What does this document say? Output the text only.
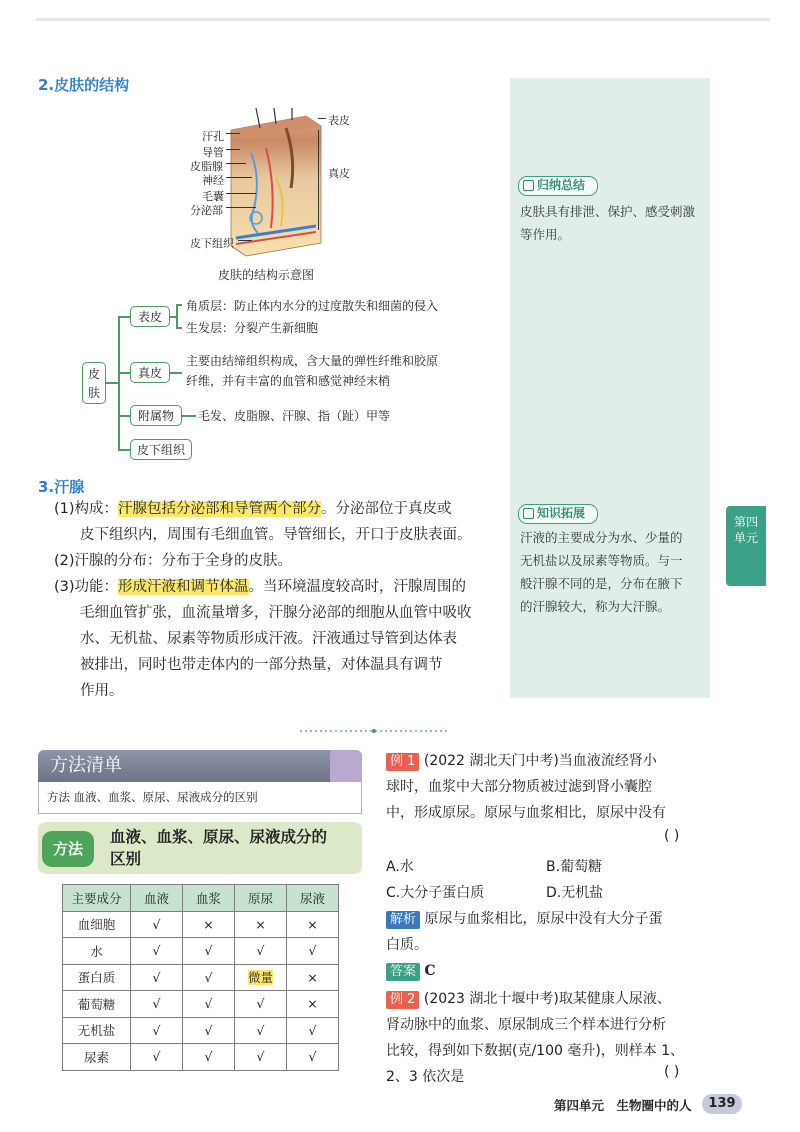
2.皮肤的结构
汗孔
导管
皮脂腺
神经
毛囊
分泌部
皮下组织
表皮
真皮
皮肤的结构示意图
皮
肤
表皮
角质层：防止体内水分的过度散失和细菌的侵入
生发层：分裂产生新细胞
真皮
主要由结缔组织构成，含大量的弹性纤维和胶原
纤维，并有丰富的血管和感觉神经末梢
附属物	毛发、皮脂腺、汗腺、指（趾）甲等
皮下组织
3.汗腺
(1)构成：汗腺包括分泌部和导管两个部分。分泌部位于真皮或
皮下组织内，周围有毛细血管。导管细长，开口于皮肤表面。
(2)汗腺的分布：分布于全身的皮肤。
(3)功能：形成汗液和调节体温。当环境温度较高时，汗腺周围的
毛细血管扩张，血流量增多，汗腺分泌部的细胞从血管中吸收
水、无机盐、尿素等物质形成汗液。汗液通过导管到达体表
被排出，同时也带走体内的一部分热量，对体温具有调节
作用。
归纳总结
皮肤具有排泄、保护、感受刺激
等作用。
知识拓展
汗液的主要成分为水、少量的
无机盐以及尿素等物质。与一
般汗腺不同的是，分布在腋下
的汗腺较大，称为大汗腺。
第四
单元
方法清单
方法 血液、血浆、原尿、尿液成分的区别
方法
血液、血浆、原尿、尿液成分的
区别
主要成分	血液	血浆	原尿	尿液
血细胞	√	×	×	×
水	√	√	√	√
蛋白质	√	√	微量	×
葡萄糖	√	√	√	×
无机盐	√	√	√	√
尿素	√	√	√	√
例 1 (2022 湖北天门中考)当血液流经肾小
球时，血浆中大部分物质被过滤到肾小囊腔
中，形成原尿。原尿与血浆相比，原尿中没有
( )
A.水	B.葡萄糖
C.大分子蛋白质	D.无机盐
解析 原尿与血浆相比，原尿中没有大分子蛋
白质。
答案 C
例 2 (2023 湖北十堰中考)取某健康人尿液、
肾动脉中的血浆、原尿制成三个样本进行分析
比较，得到如下数据(克/100 毫升)，则样本 1、
2、3 依次是	( )
第四单元　生物圈中的人	139
